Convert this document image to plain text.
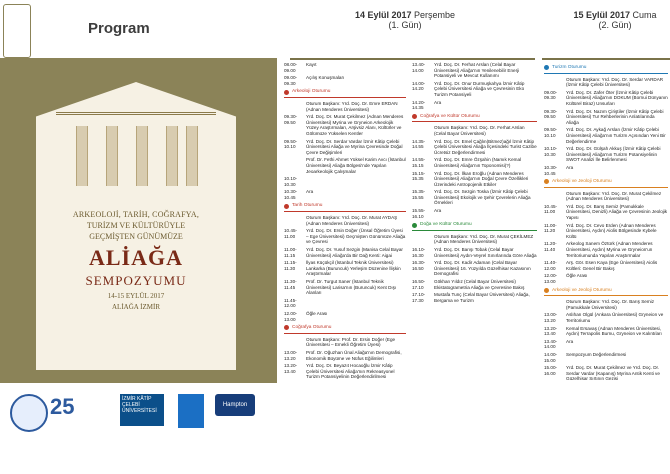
Program
ARKEOLOJİ, TARİH, COĞRAFYA,
TURİZM VE KÜLTÜRÜYLE
GEÇMİŞTEN GÜNÜMÜZE
ALİAĞA
SEMPOZYUMU
14-15 EYLÜL 2017
ALİAĞA İZMİR
25	İZMİR KÂTİP ÇELEBİ ÜNİVERSİTESİ
Hampton
14 Eylül 2017 Perşembe
(1. Gün)
15 Eylül 2017 Cuma
(2. Gün)
08.00-09.00
Kayıt
09.00-09.30
Açılış Konuşmaları
Arkeoloji Oturumu
Oturum Başkanı: Yrd. Doç. Dr. Emre ERDAN (Adnan Menderes Üniversitesi)
09.30-09.50
Yrd. Doç. Dr. Murat Çekilmez (Adnan Menderes Üniversitesi) Myrina ve Gryneion Arkeolojik Yüzey Araştırmaları, Arşivsiz Alanı, Kültürler ve Gölümüze Yükselen Kentler
09.50-10.10
Yrd. Doç. Dr. Serdar Vardar İzmir Kâtip Çelebi Üniversitesi Aliağa ve Myrina Çevresinde Doğal Çevre Değişimleri
Prof. Dr. Fethi Ahmet Yüksel Karim Avcı (İstanbul Üniversitesi) Aliağa Bölgesi'nde Yapılan Jeoarkeolojik Çalışmalar
10.10-10.30
10.30-10.45
Ara
Tarih Oturumu
Oturum Başkanı: Yrd. Doç. Dr. Murat AYDAŞ (Adnan Menderes Üniversitesi)
10.45-11.00
Yrd. Doç. Dr. Ersin Doğer (Ünsal Öğretim Üyesi – Ege Üniversitesi) Geçmişten Günümüze Aliağa ve Çevresi
11.00-11.15
Yrd. Doç. Dr. Yusuf Sezgin (Manisa Celal Bayar Üniversitesi) Aliağa'da Bir Dağ Kenti: Aigai
11.15-11.30
İlyas Küçükçil (İstanbul Teknik Üniversitesi) Lankarka (Buruncuk) Yerleşim Düzenine İlişkin Araştırmalar
11.30-11.45
Prof. Dr. Turgut Saner (İstanbul Teknik Üniversitesi) Larisa'nın (Buruncuk) Kent Dışı Alanları
11.45-12.00
12.00-13.00
Öğle Arası
Coğrafya Oturumu
Oturum Başkanı: Prof. Dr. Ersin Doğer (Ege Üniversitesi – Emekli Öğretim Üyesi)
13.00-13.20
Prof. Dr. Oğuzhan Ünal Aliağa'nın Demografisi, Ekonomik Büyüme ve Nüfus Eğilimleri
13.20-13.40
Yrd. Doç. Dr. Beyazıt Hocaoğlu İzmir Kâtip Çelebi Üniversitesi Aliağa'nın Rekreasyonel Turizm Potansiyelinin Değerlendirilmesi
13.40-14.00
Yrd. Doç. Dr. Ferhat Arslan (Celal Bayar Üniversitesi) Aliağa'nın Yenilenebilir Enerji Potansiyeli ve Mevcut Kullanımı
14.00-14.20
Yrd. Doç. Dr. Onur Durmuşkahya İzmir Kâtip Çelebi Üniversitesi Aliağa ve Çevresinin Eko Turizm Potansiyeli
14.20-14.35
Ara
Coğrafya ve Kültür Oturumu
Oturum Başkanı: Yrd. Doç. Dr. Ferhat Arslan (Celal Bayar Üniversitesi)
14.35-14.55
Yrd. Doç. Dr. Emel Çağlın(Bitmez)ağıl İzmir Kâtip Çelebi Üniversitesi Aliağa İlçesindeki Turist Cazibe Ücretsiz Değerlendirmesi
14.55-15.15
Yrd. Doç. Dr. Emre Özşahin (Namık Kemal Üniversitesi) Aliağa'nın Toponomisi(?)
15.15-15.35
Yrd. Doç. Dr. İlkan Eroğlu (Adnan Menderes Üniversitesi) Aliağa'nın Doğal Çevre Özellikleri Üzerindeki Antropojenik Etkiler
15.35-15.55
Yrd. Doç. Dr. Sezgin Toska (İzmir Kâtip Çelebi Üniversitesi) Ekolojik ve Şehir Çevrelerin Aliağa Örnekleri
15.55-16.10
Ara
Doğa ve Kültür Oturumu
Oturum Başkanı: Yrd. Doç. Dr. Murat ÇEKİLMEZ (Adnan Menderes Üniversitesi)
16.10-16.30
Yrd. Doç. Dr. Barışı Tobak (Celal Bayar Üniversitesi) Aydın-Veyrel Sınırlarında Göre Aliağa
16.30-16.50
Yrd. Doç. Dr. Kadir Adaman (Celal Bayar Üniversitesi) 16. Yüzyılda Güzelhisar Kazasının Demografisi
16.50-17.10
Gökhan Yıldız (Celal Bayar Üniversitesi) Ekistatogrametria Aliağa ve Çevresine Bakış
17.10-17.30
Mustafa Tunç (Celal Bayar Üniversitesi) Aliağa, Bergama ve Turizm
Turizm Oturumu
Oturum Başkanı: Yrd. Doç. Dr. Serdar VARDAR (İzmir Kâtip Çelebi Üniversitesi)
09.00-09.30
Yrd. Doç. Dr. Zafer Öter (İzmir Kâtip Çelebi Üniversitesi) Aliağa'nın DOKUM (Bornui Dünyanın Kültürel Biraz) Unsurları
09.30-09.50
Yrd. Doç. Dr. Nazım Çiriştiler (İzmir Kâtip Çelebi Üniversitesi) Tur Rehberlerinin Anlatılarında Aliağa
09.50-10.10
Yrd. Doç. Dr. Aykağ Arslan (İzmir Kâtip Çelebi Üniversitesi) Aliağa'nın Turizm Açısından Yeni Bir Değerlendirme
10.10-10.30
Yrd. Doç. Dr. Gülşah Akkuş (İzmir Kâtip Çelebi Üniversitesi) Aliağa'nın Turizm Potansiyelinin SWOT Analizi İle Belirlenmesi
10.30-10.45
Ara
Arkeoloji ve Jeoloji Oturumu
Oturum Başkanı: Yrd. Doç. Dr. Murat Çekilmez (Adnan Menderes Üniversitesi)
10.45-11.00
Yrd. Doç. Dr. Barış Semiz (Pamukkale Üniversitesi, Denizli) Aliağa ve Çevresinin Jeolojik Yapısı
11.00-11.20
Yrd. Doç. Dr. Cevo Erden (Adnan Menderes Üniversitesi, Aydın) Aiolis Bölgesinde Kybele Kültü
11.20-11.40
Arkeolog Sanem Öztürk (Adnan Menderes Üniversitesi, Aydın) Myrina ve Gryneion'un Territoriumunda Yapılan Araştırmalar
11.40-12.00
Arş. Gör. Esen Kaya (Ege Üniversitesi) Aiolis Kültleri: Genel Bir Bakış
12.00-13.00
Öğle Arası
Arkeoloji ve Jeoloji Oturumu
Oturum Başkanı: Yrd. Doç. Dr. Barış Semiz (Pamukkale Üniversitesi)
13.00-13.20
Aslıhan Olgül (Ankara Üniversitesi) Gryneion ve Territoriumu
13.20-13.40
Kemal Ersavaş (Adnan Menderes Üniversitesi, Aydın) Terrapolis Burnu, Gryneion ve Kalıntıları
13.40-14.00
Ara
14.00-15.00
Sempozyum Değerlendirmesi
15.00-16.00
Yrd. Doç. Dr. Murat Çekilmez ve Yrd. Doç. Dr. Serdar Vardar (Kapanış) Myrina Antik Kenti ve Güzelhisar Sırtının Gezisi
